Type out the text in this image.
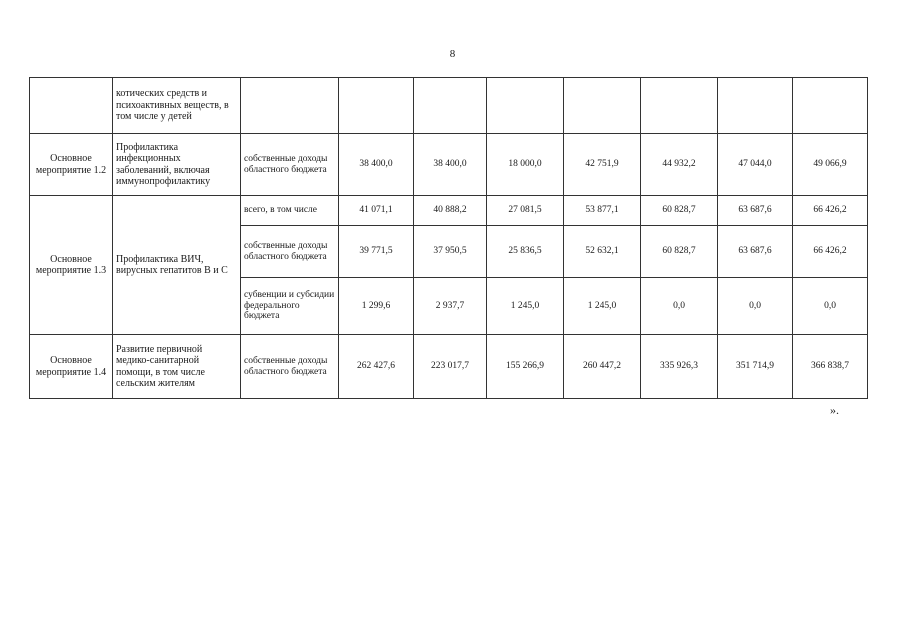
8
	котических средств и психоактивных веществ, в том числе у детей								
Основное мероприятие 1.2	Профилактика инфекционных заболеваний, включая иммунопрофилактику	собственные доходы областного бюджета	38 400,0	38 400,0	18 000,0	42 751,9	44 932,2	47 044,0	49 066,9
Основное мероприятие 1.3	Профилактика ВИЧ, вирусных гепатитов В и С	всего, в том числе	41 071,1	40 888,2	27 081,5	53 877,1	60 828,7	63 687,6	66 426,2
		собственные доходы областного бюджета	39 771,5	37 950,5	25 836,5	52 632,1	60 828,7	63 687,6	66 426,2
		субвенции и субсидии федерального бюджета	1 299,6	2 937,7	1 245,0	1 245,0	0,0	0,0	0,0
Основное мероприятие 1.4	Развитие первичной медико-санитарной помощи, в том числе сельским жителям	собственные доходы областного бюджета	262 427,6	223 017,7	155 266,9	260 447,2	335 926,3	351 714,9	366 838,7
».
